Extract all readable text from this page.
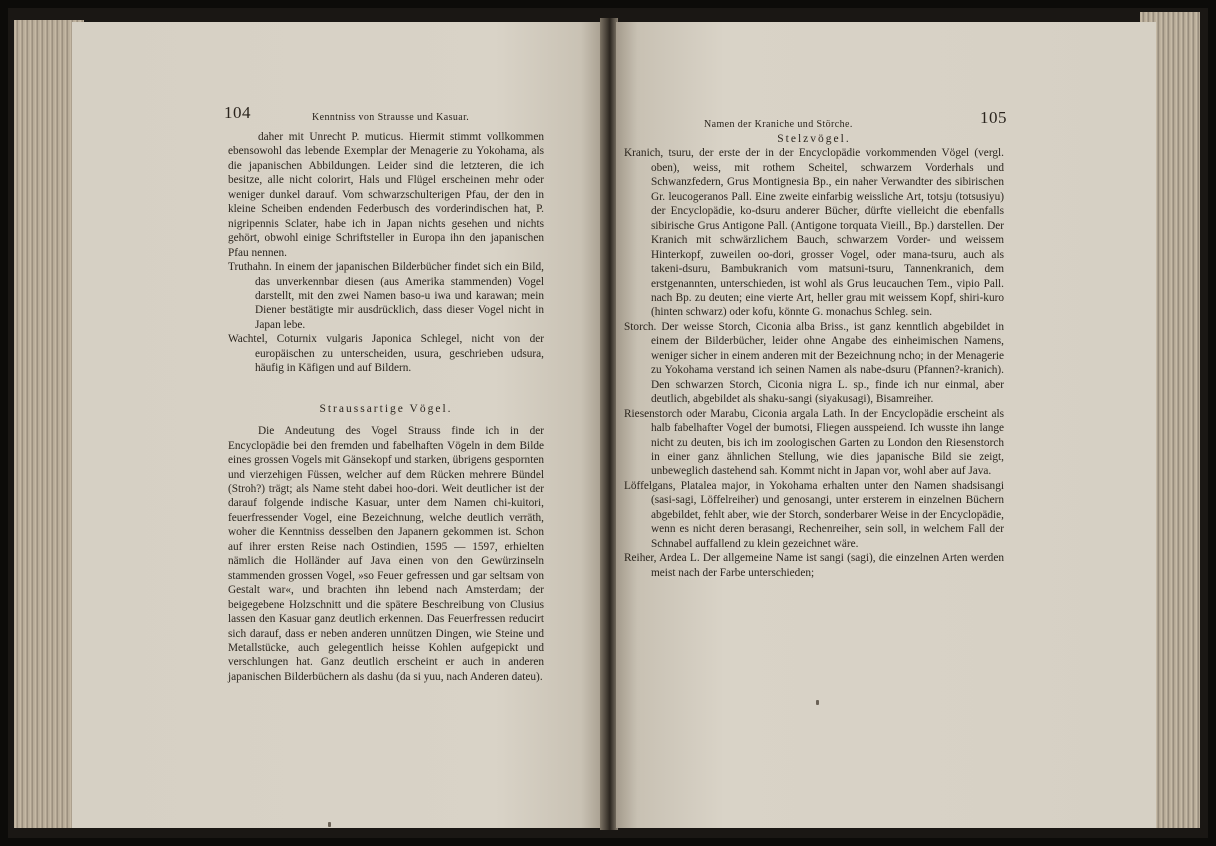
104	Kenntniss von Strausse und Kasuar.

daher mit Unrecht P. muticus. Hiermit stimmt vollkommen ebensowohl das lebende Exemplar der Menagerie zu Yokohama, als die japanischen Abbildungen. Leider sind die letzteren, die ich besitze, alle nicht colorirt, Hals und Flügel erscheinen mehr oder weniger dunkel darauf. Vom schwarzschulterigen Pfau, der den in kleine Scheiben endenden Federbusch des vorderindischen hat, P. nigripennis Sclater, habe ich in Japan nichts gesehen und nichts gehört, obwohl einige Schriftsteller in Europa ihn den japanischen Pfau nennen.

Truthahn. In einem der japanischen Bilderbücher findet sich ein Bild, das unverkennbar diesen (aus Amerika stammenden) Vogel darstellt, mit den zwei Namen baso-u iwa und karawan; mein Diener bestätigte mir ausdrücklich, dass dieser Vogel nicht in Japan lebe.

Wachtel, Coturnix vulgaris Japonica Schlegel, nicht von der europäischen zu unterscheiden, usura, geschrieben udsura, häufig in Käfigen und auf Bildern.

Straussartige Vögel.

Die Andeutung des Vogel Strauss finde ich in der Encyclopädie bei den fremden und fabelhaften Vögeln in dem Bilde eines grossen Vogels mit Gänsekopf und starken, übrigens gespornten und vierzehigen Füssen, welcher auf dem Rücken mehrere Bündel (Stroh?) trägt; als Name steht dabei hoo-dori. Weit deutlicher ist der darauf folgende indische Kasuar, unter dem Namen chi-kuitori, feuerfressender Vogel, eine Bezeichnung, welche deutlich verräth, woher die Kenntniss desselben den Japanern gekommen ist. Schon auf ihrer ersten Reise nach Ostindien, 1595 — 1597, erhielten nämlich die Holländer auf Java einen von den Gewürzinseln stammenden grossen Vogel, »so Feuer gefressen und gar seltsam von Gestalt war«, und brachten ihn lebend nach Amsterdam; der beigegebene Holzschnitt und die spätere Beschreibung von Clusius lassen den Kasuar ganz deutlich erkennen. Das Feuerfressen reducirt sich darauf, dass er neben anderen unnützen Dingen, wie Steine und Metallstücke, auch gelegentlich heisse Kohlen aufgepickt und verschlungen hat. Ganz deutlich erscheint er auch in anderen japanischen Bilderbüchern als dashu (da si yuu, nach Anderen dateu).

Namen der Kraniche und Störche.	105

Stelzvögel.

Kranich, tsuru, der erste der in der Encyclopädie vorkommenden Vögel (vergl. oben), weiss, mit rothem Scheitel, schwarzem Vorderhals und Schwanzfedern, Grus Montignesia Bp., ein naher Verwandter des sibirischen Gr. leucogeranos Pall. Eine zweite einfarbig weissliche Art, totsju (totsusiyu) der Encyclopädie, ko-dsuru anderer Bücher, dürfte vielleicht die ebenfalls sibirische Grus Antigone Pall. (Antigone torquata Vieill., Bp.) darstellen. Der Kranich mit schwärzlichem Bauch, schwarzem Vorder- und weissem Hinterkopf, zuweilen oo-dori, grosser Vogel, oder mana-tsuru, auch als takeni-dsuru, Bambukranich vom matsuni-tsuru, Tannenkranich, dem erstgenannten, unterschieden, ist wohl als Grus leucauchen Tem., vipio Pall. nach Bp. zu deuten; eine vierte Art, heller grau mit weissem Kopf, shiri-kuro (hinten schwarz) oder kofu, könnte G. monachus Schleg. sein.

Storch. Der weisse Storch, Ciconia alba Briss., ist ganz kenntlich abgebildet in einem der Bilderbücher, leider ohne Angabe des einheimischen Namens, weniger sicher in einem anderen mit der Bezeichnung ncho; in der Menagerie zu Yokohama verstand ich seinen Namen als nabe-dsuru (Pfannen?-kranich). Den schwarzen Storch, Ciconia nigra L. sp., finde ich nur einmal, aber deutlich, abgebildet als shaku-sangi (siyakusagi), Bisamreiher.

Riesenstorch oder Marabu, Ciconia argala Lath. In der Encyclopädie erscheint als halb fabelhafter Vogel der bumotsi, Fliegen ausspeiend. Ich wusste ihn lange nicht zu deuten, bis ich im zoologischen Garten zu London den Riesenstorch in einer ganz ähnlichen Stellung, wie dies japanische Bild sie zeigt, unbeweglich dastehend sah. Kommt nicht in Japan vor, wohl aber auf Java.

Löffelgans, Platalea major, in Yokohama erhalten unter den Namen shadsisangi (sasi-sagi, Löffelreiher) und genosangi, unter ersterem in einzelnen Büchern abgebildet, fehlt aber, wie der Storch, sonderbarer Weise in der Encyclopädie, wenn es nicht deren berasangi, Rechenreiher, sein soll, in welchem Fall der Schnabel auffallend zu klein gezeichnet wäre.

Reiher, Ardea L. Der allgemeine Name ist sangi (sagi), die einzelnen Arten werden meist nach der Farbe unterschieden;
